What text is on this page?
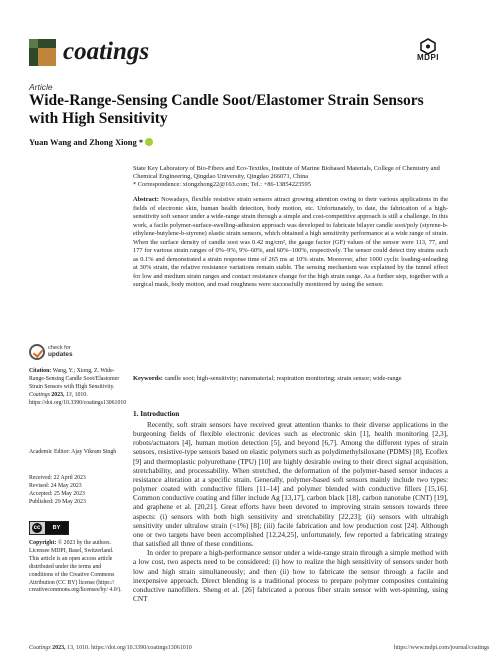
coatings	MDPI
Article
Wide-Range-Sensing Candle Soot/Elastomer Strain Sensors with High Sensitivity
Yuan Wang and Zhong Xiong *
State Key Laboratory of Bio-Fibers and Eco-Textiles, Institute of Marine Biobased Materials, College of Chemistry and Chemical Engineering, Qingdao University, Qingdao 266071, China
* Correspondence: xiongzhong22@163.com; Tel.: +86-13854223595
Abstract: Nowadays, flexible resistive strain sensors attract growing attention owing to their various applications in the fields of electronic skin, human health detection, body motion, etc. Unfortunately, to date, the fabrication of a high-sensitivity soft sensor under a wide-range strain through a simple and cost-competitive approach is still a challenge. In this work, a facile polymer-surface-swelling-adhesion approach was developed to fabricate bilayer candle soot/poly (styrene-b-ethylene-butylene-b-styrene) elastic strain sensors, which obtained a high sensitivity performance at a wide range of strain. When the surface density of candle soot was 0.42 mg/cm², the gauge factor (GF) values of the sensor were 113, 77, and 177 for various strain ranges of 0%–9%, 9%–60%, and 60%–100%, respectively. The sensor could detect tiny strains such as 0.1% and demonstrated a strain response time of 265 ms at 10% strain. Moreover, after 1000 cyclic loading-unloading at 30% strain, the relative resistance variations remain stable. The sensing mechanism was explained by the tunnel effect for low and medium strain ranges and contact resistance change for the high strain range. As a further step, together with a surgical mask, body motion, and road roughness were successfully monitored by using the sensor.
Keywords: candle soot; high-sensitivity; nanomaterial; respiration monitoring; strain sensor; wide-range
check for
updates
Citation: Wang, Y.; Xiong, Z. Wide-Range-Sensing Candle Soot/Elastomer Strain Sensors with High Sensitivity. Coatings 2023, 13, 1010. https://doi.org/10.3390/coatings13061010
Academic Editor: Ajay Vikram Singh
Received: 22 April 2023
Revised: 24 May 2023
Accepted: 25 May 2023
Published: 29 May 2023
cc	BY
Copyright: © 2023 by the authors. Licensee MDPI, Basel, Switzerland. This article is an open access article distributed under the terms and conditions of the Creative Commons Attribution (CC BY) license (https:// creativecommons.org/licenses/by/ 4.0/).
1. Introduction

Recently, soft strain sensors have received great attention thanks to their diverse applications in the burgeoning fields of flexible electronic devices such as electronic skin [1], health monitoring [2,3], robots/actuators [4], human motion detection [5], and beyond [6,7]. Among the different types of strain sensors, resistive-type sensors based on elastic polymers such as polydimethylsiloxane (PDMS) [8], Ecoflex [9] and thermoplastic polyurethane (TPU) [10] are highly desirable owing to their direct signal acquisition, stretchability, and processability. When stretched, the deformation of the polymer-based sensor induces a resistance alteration at a specific strain. Generally, polymer-based soft sensors mainly include two types: polymer coated with conductive fillers [11–14] and polymer blended with conductive fillers [15,16]. Common conductive coating and filler include Ag [13,17], carbon black [18], carbon nanotube (CNT) [19], and graphene et al. [20,21]. Great efforts have been devoted to improving strain sensors towards three aspects: (i) sensors with both high sensitivity and stretchability [22,23]; (ii) sensors with ultrahigh sensitivity under ultralow strain (<1%) [8]; (iii) facile fabrication and low production cost [24]. Although one or two targets have been accomplished [12,24,25], unfortunately, few reported a fabricating strategy that satisfied all three of these conditions.

In order to prepare a high-performance sensor under a wide-range strain through a simple method with a low cost, two aspects need to be considered: (i) how to realize the high sensitivity of sensors under both low and high strain simultaneously; and then (ii) how to fabricate the sensor through a facile and inexpensive approach. Direct blending is a traditional process to prepare polymer composites containing conductive nanofillers. Sheng et al. [26] fabricated a porous fiber strain sensor with wet-spinning, using CNT

Coatings 2023, 13, 1010. https://doi.org/10.3390/coatings13061010	https://www.mdpi.com/journal/coatings
